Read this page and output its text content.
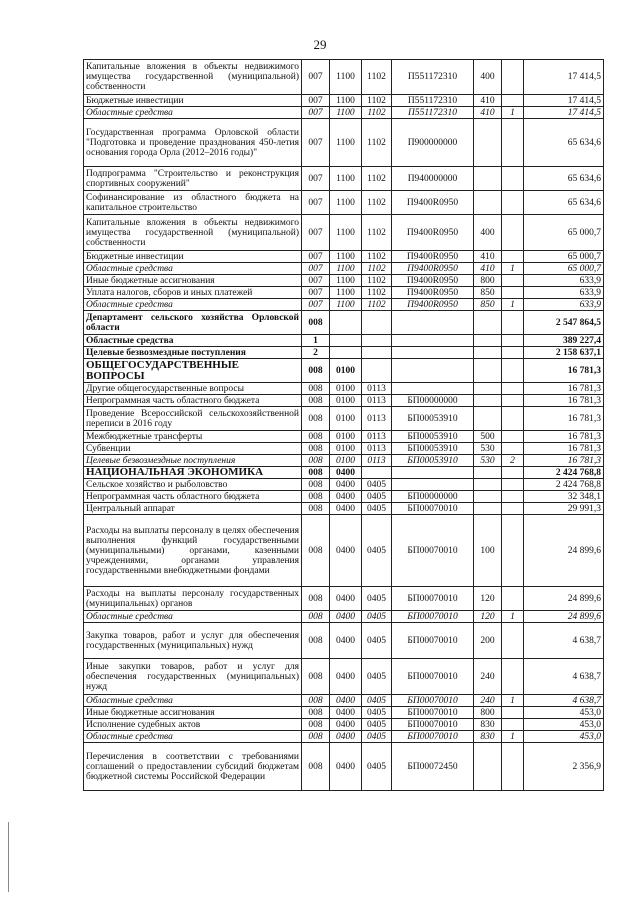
29
Капитальные вложения в объекты недвижимого имущества государственной (муниципальной) собственности	007	1100	1102	П551172310	400		17 414,5
Бюджетные инвестиции	007	1100	1102	П551172310	410		17 414,5
Областные средства	007	1100	1102	П551172310	410	1	17 414,5
Государственная программа Орловской области "Подготовка и проведение празднования 450-летия основания города Орла (2012–2016 годы)"	007	1100	1102	П900000000			65 634,6
Подпрограмма "Строительство и реконструкция спортивных сооружений"	007	1100	1102	П940000000			65 634,6
Софинансирование из областного бюджета на капитальное строительство	007	1100	1102	П9400R0950			65 634,6
Капитальные вложения в объекты недвижимого имущества государственной (муниципальной) собственности	007	1100	1102	П9400R0950	400		65 000,7
Бюджетные инвестиции	007	1100	1102	П9400R0950	410		65 000,7
Областные средства	007	1100	1102	П9400R0950	410	1	65 000,7
Иные бюджетные ассигнования	007	1100	1102	П9400R0950	800		633,9
Уплата налогов, сборов и иных платежей	007	1100	1102	П9400R0950	850		633,9
Областные средства	007	1100	1102	П9400R0950	850	1	633,9
Департамент сельского хозяйства Орловской области	008						2 547 864,5
Областные средства	1						389 227,4
Целевые безвозмездные поступления	2						2 158 637,1
ОБЩЕГОСУДАРСТВЕННЫЕ ВОПРОСЫ	008	0100					16 781,3
Другие общегосударственные вопросы	008	0100	0113				16 781,3
Непрограммная часть областного бюджета	008	0100	0113	БП00000000			16 781,3
Проведение Всероссийской сельскохозяйственной переписи в 2016 году	008	0100	0113	БП00053910			16 781,3
Межбюджетные трансферты	008	0100	0113	БП00053910	500		16 781,3
Субвенции	008	0100	0113	БП00053910	530		16 781,3
Целевые безвозмездные поступления	008	0100	0113	БП00053910	530	2	16 781,3
НАЦИОНАЛЬНАЯ ЭКОНОМИКА	008	0400					2 424 768,8
Сельское хозяйство и рыболовство	008	0400	0405				2 424 768,8
Непрограммная часть областного бюджета	008	0400	0405	БП00000000			32 348,1
Центральный аппарат	008	0400	0405	БП00070010			29 991,3
Расходы на выплаты персоналу в целях обеспечения выполнения функций государственными (муниципальными) органами, казенными учреждениями, органами управления государственными внебюджетными фондами	008	0400	0405	БП00070010	100		24 899,6
Расходы на выплаты персоналу государственных (муниципальных) органов	008	0400	0405	БП00070010	120		24 899,6
Областные средства	008	0400	0405	БП00070010	120	1	24 899,6
Закупка товаров, работ и услуг для обеспечения государственных (муниципальных) нужд	008	0400	0405	БП00070010	200		4 638,7
Иные закупки товаров, работ и услуг для обеспечения государственных (муниципальных) нужд	008	0400	0405	БП00070010	240		4 638,7
Областные средства	008	0400	0405	БП00070010	240	1	4 638,7
Иные бюджетные ассигнования	008	0400	0405	БП00070010	800		453,0
Исполнение судебных актов	008	0400	0405	БП00070010	830		453,0
Областные средства	008	0400	0405	БП00070010	830	1	453,0
Перечисления в соответствии с требованиями соглашений о предоставлении субсидий бюджетам бюджетной системы Российской Федерации	008	0400	0405	БП00072450			2 356,9
